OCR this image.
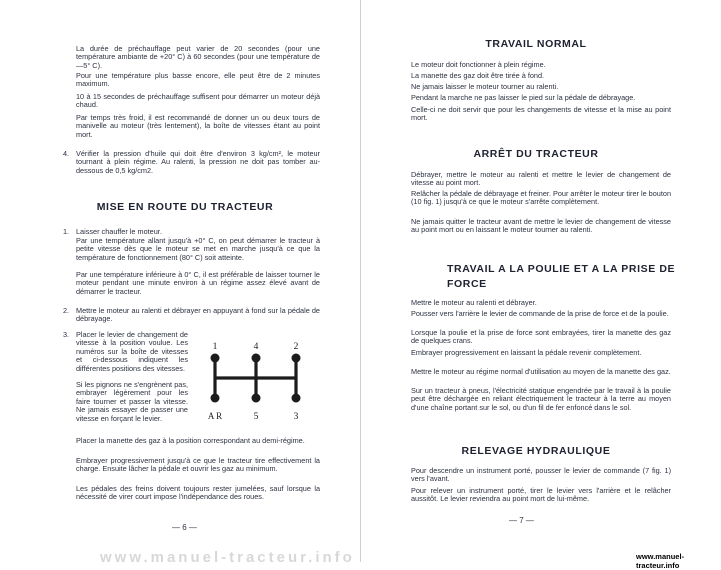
La durée de préchauffage peut varier de 20 secondes (pour une température ambiante de +20° C) à 60 secondes (pour une température de —5° C).
Pour une température plus basse encore, elle peut être de 2 minutes maximum.
10 à 15 secondes de préchauffage suffisent pour démarrer un moteur déjà chaud.
Par temps très froid, il est recommandé de donner un ou deux tours de manivelle au moteur (très lentement), la boîte de vitesses étant au point mort.
4. Vérifier la pression d'huile qui doit être d'environ 3 kg/cm², le moteur tournant à plein régime. Au ralenti, la pression ne doit pas tomber au-dessous de 0,5 kg/cm2.
MISE EN ROUTE DU TRACTEUR
1. Laisser chauffer le moteur.
Par une température allant jusqu'à +0° C, on peut démarrer le tracteur à petite vitesse dès que le moteur se met en marche jusqu'à ce que la température de fonctionnement (80° C) soit atteinte.
Par une température inférieure à 0° C, il est préférable de laisser tourner le moteur pendant une minute environ à un régime assez élevé avant de démarrer le tracteur.
2. Mettre le moteur au ralenti et débrayer en appuyant à fond sur la pédale de débrayage.
3. Placer le levier de changement de vitesse à la position voulue. Les numéros sur la boîte de vitesses et ci-dessous indiquent les différentes positions des vitesses.
Si les pignons ne s'engrènent pas, embrayer légèrement pour les faire tourner et passer la vitesse. Ne jamais essayer de passer une vitesse en forçant le levier.
Placer la manette des gaz à la position correspondant au demi-régime.
Embrayer progressivement jusqu'à ce que le tracteur tire effectivement la charge. Ensuite lâcher la pédale et ouvrir les gaz au minimum.
Les pédales des freins doivent toujours rester jumelées, sauf lorsque la nécessité de virer court impose l'indépendance des roues.
1	4	2
A R	5	3
— 6 —
TRAVAIL NORMAL
Le moteur doit fonctionner à plein régime.
La manette des gaz doit être tirée à fond.
Ne jamais laisser le moteur tourner au ralenti.
Pendant la marche ne pas laisser le pied sur la pédale de débrayage.
Celle-ci ne doit servir que pour les changements de vitesse et la mise au point mort.
ARRÊT DU TRACTEUR
Débrayer, mettre le moteur au ralenti et mettre le levier de changement de vitesse au point mort.
Relâcher la pédale de débrayage et freiner. Pour arrêter le moteur tirer le bouton (10 fig. 1) jusqu'à ce que le moteur s'arrête complètement.
Ne jamais quitter le tracteur avant de mettre le levier de changement de vitesse au point mort ou en laissant le moteur tourner au ralenti.
TRAVAIL A LA POULIE ET A LA PRISE DE FORCE
Mettre le moteur au ralenti et débrayer.
Pousser vers l'arrière le levier de commande de la prise de force et de la poulie.
Lorsque la poulie et la prise de force sont embrayées, tirer la manette des gaz de quelques crans.
Embrayer progressivement en laissant la pédale revenir complètement.
Mettre le moteur au régime normal d'utilisation au moyen de la manette des gaz.
Sur un tracteur à pneus, l'électricité statique engendrée par le travail à la poulie peut être déchargée en reliant électriquement le tracteur à la terre au moyen d'une chaîne portant sur le sol, ou d'un fil de fer enfoncé dans le sol.
RELEVAGE HYDRAULIQUE
Pour descendre un instrument porté, pousser le levier de commande (7 fig. 1) vers l'avant.
Pour relever un instrument porté, tirer le levier vers l'arrière et le relâcher aussitôt. Le levier reviendra au point mort de lui-même.
— 7 —
www.manuel-tracteur.info	www.manuel-tracteur.info
